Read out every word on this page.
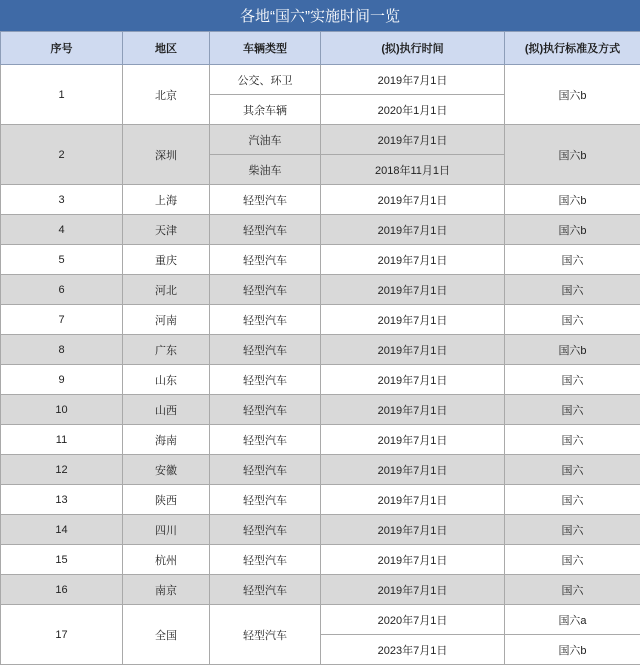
各地“国六”实施时间一览
序号	地区	车辆类型	(拟)执行时间	(拟)执行标准及方式
1	北京	公交、环卫	2019年7月1日	国六b
		其余车辆	2020年1月1日	
2	深圳	汽油车	2019年7月1日	国六b
		柴油车	2018年11月1日	
3	上海	轻型汽车	2019年7月1日	国六b
4	天津	轻型汽车	2019年7月1日	国六b
5	重庆	轻型汽车	2019年7月1日	国六
6	河北	轻型汽车	2019年7月1日	国六
7	河南	轻型汽车	2019年7月1日	国六
8	广东	轻型汽车	2019年7月1日	国六b
9	山东	轻型汽车	2019年7月1日	国六
10	山西	轻型汽车	2019年7月1日	国六
11	海南	轻型汽车	2019年7月1日	国六
12	安徽	轻型汽车	2019年7月1日	国六
13	陕西	轻型汽车	2019年7月1日	国六
14	四川	轻型汽车	2019年7月1日	国六
15	杭州	轻型汽车	2019年7月1日	国六
16	南京	轻型汽车	2019年7月1日	国六
17	全国	轻型汽车	2020年7月1日	国六a
			2023年7月1日	国六b
